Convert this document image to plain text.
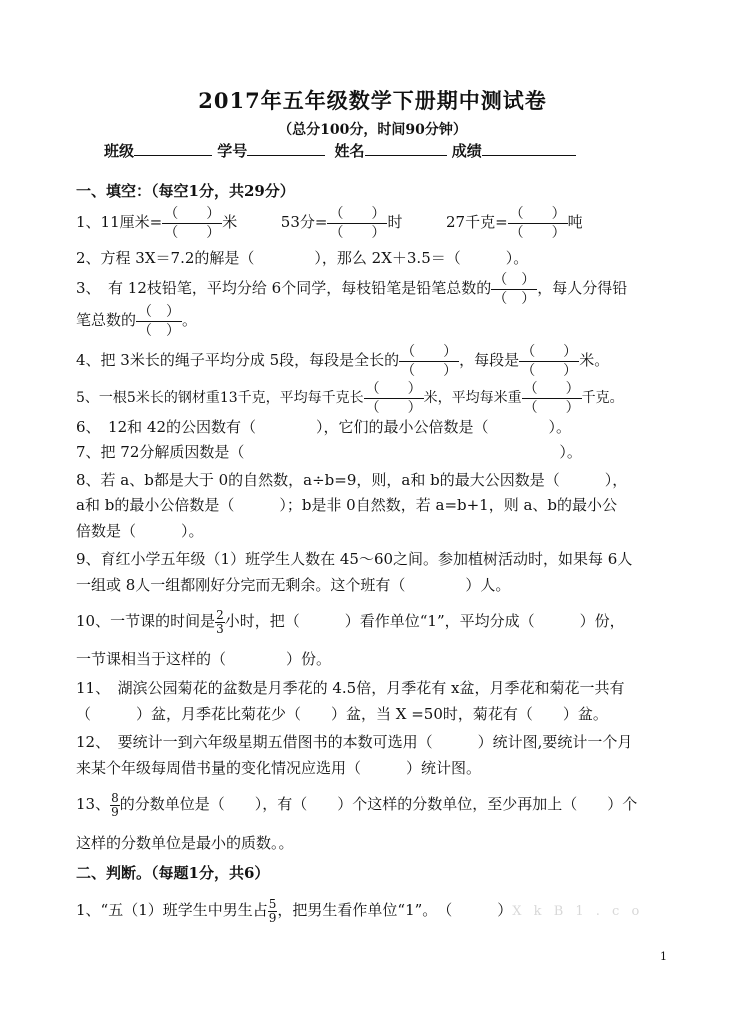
2017年五年级数学下册期中测试卷
（总分100分，时间90分钟）
班级	学号	姓名	成绩
一、填空：（每空1分，共29分）
1、11厘米= $\frac{( )}{( )}$ 米	53分= $\frac{( )}{( )}$ 时	27千克= $\frac{( )}{( )}$ 吨
2、方程 3X＝7.2的解是（　　　　），那么 2X＋3.5＝（　　　）。
3、　有 12枝铅笔，平均分给 6个同学，每枝铅笔是铅笔总数的 $\frac{( )}{( )}$ ，每人分得铅
笔总数的 $\frac{( )}{( )}$ 。
4、把 3米长的绳子平均分成 5段，每段是全长的 $\frac{( )}{( )}$ ，每段是 $\frac{( )}{( )}$ 米。
5、一根5米长的钢材重13千克，平均每千克长 $\frac{( )}{( )}$ 米，平均每米重 $\frac{( )}{( )}$ 千克。
6、　12和 42的公因数有（　　　　），它们的最小公倍数是（　　　　）。
7、把 72分解质因数是（　　　　　　　　　　　　　　　　　　　　　）。
8、若 a、b都是大于 0的自然数，a÷b=9，则，a和 b的最大公因数是（　　　），
a和 b的最小公倍数是（　　　）；b是非 0自然数，若 a=b+1，则 a、b的最小公
倍数是（　　　）。
9、育红小学五年级（1）班学生人数在 45～60之间。参加植树活动时，如果每 6人
一组或 8人一组都刚好分完而无剩余。这个班有（　　　　）人。
10、一节课的时间是 $\frac{2}{3}$ 小时，把（　　　）看作单位“1”，平均分成（　　　）份，
一节课相当于这样的（　　　　）份。
11、　湖滨公园菊花的盆数是月季花的 4.5倍，月季花有 x盆，月季花和菊花一共有
（　　　）盆，月季花比菊花少（　　）盆，当 X =50时，菊花有（　　）盆。
12、　要统计一到六年级星期五借图书的本数可选用（　　　）统计图,要统计一个月
来某个年级每周借书量的变化情况应选用（　　　）统计图。
13、 $\frac{8}{9}$ 的分数单位是（　　），有（　　）个这样的分数单位，至少再加上（　　）个
这样的分数单位是最小的质数。。
二、判断。（每题1分，共6）
1、“五（1）班学生中男生占 $\frac{5}{9}$ ，把男生看作单位“1”。　（　　　）X k B 1 . c o
1
